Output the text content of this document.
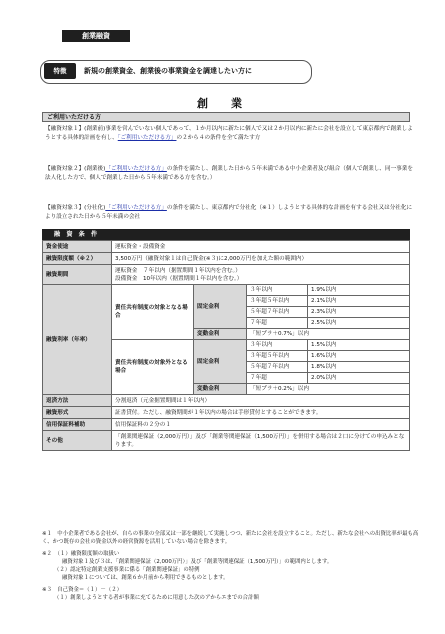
創業融資
特徴	新規の創業資金、創業後の事業資金を調達したい方に
創　業
ご利用いただける方
【融資対象１】(創業前)事業を営んでいない個人であって、１か月以内に新たに個人で又は２か月以内に新たに会社を設立して東京都内で創業しようとする具体的計画を有し、「ご利用いただける方」の２から４の条件を全て満たす方
【融資対象２】(創業後)「ご利用いただける方」の条件を満たし、創業した日から５年未満である中小企業者及び組合（個人で創業し、同一事業を法人化した方で、個人で創業した日から５年未満である方を含む。）
【融資対象３】(分社化)「ご利用いただける方」の条件を満たし、東京都内で分社化（※１）しようとする具体的な計画を有する会社又は分社化により設立された日から５年未満の会社
融 資 条 件
資金使途	運転資金・設備資金			
融資限度額（※２）	3,500万円（融資対象１は自己資金(※３)に2,000万円を加えた額の範囲内）			
融資期間	運転資金　７年以内（据置期間１年以内を含む。）
設備資金　10年以内（据置期間１年以内を含む。）			

融資利率（年率）	責任共有制度の対象となる場合	固定金利	３年以内	1.9%以内
			３年超５年以内	2.1%以内
			５年超７年以内	2.3%以内
			７年超	2.5%以内
		変動金利	「短プラ＋0.7%」以内	
	責任共有制度の対象外となる場合	固定金利	３年以内	1.5%以内
			３年超５年以内	1.6%以内
			５年超７年以内	1.8%以内
			７年超	2.0%以内
		変動金利	「短プラ＋0.2%」以内	
返済方法	分割返済（元金据置期間は１年以内）			
融資形式	証書貸付。ただし、融資期間が１年以内の場合は手形貸付とすることができます。			
信用保証料補助	信用保証料の２分の１			
その他	「創業関連保証（2,000万円）」及び「創業等関連保証（1,500万円）」を併用する場合は２口に分けての申込みとなります。			
※１　中小企業者である会社が、自らの事業の全部又は一部を継続して実施しつつ、新たに会社を設立すること。ただし、新たな会社への出資比率が最も高く、かつ既存の会社の資金以外の経営資源を活用していない場合を除きます。
※２　（１）融資限度額の取扱い
融資対象１及び３は、「創業関連保証（2,000万円）」及び「創業等関連保証（1,500万円）」の範囲内とします。
（２）認定特定創業支援事業に係る「創業関連保証」の特例
融資対象１については、創業６か月前から利用できるものとします。
※３　自己資金＝（１）－（２）
（１）創業しようとする者が事業に充てるために用意した次のアからエまでの合計額
